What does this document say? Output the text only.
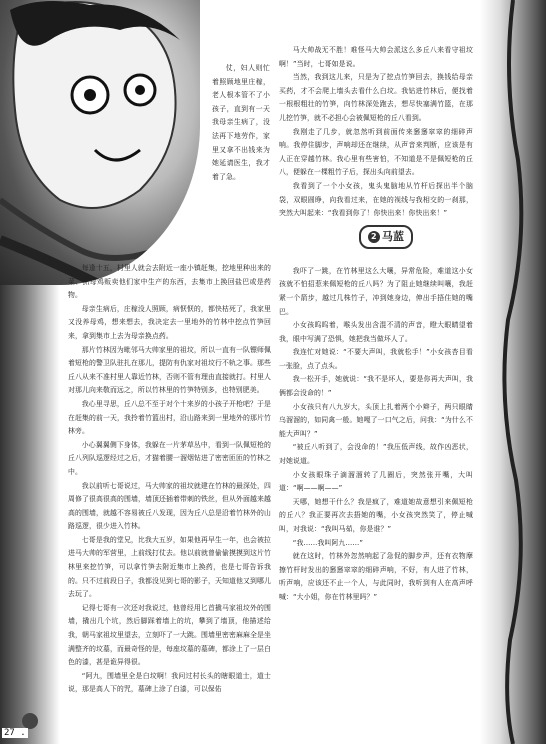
仗，妇人则忙着照顾地里庄稼，老人根本管不了小孩子，直到有一天我母亲生病了，没法再下地劳作，家里又拿不出钱来为她延请医生，我才着了急。

每逢十五，村里人就会去附近一座小镇赶集，挖地里种出来的菜、抓母鸡贩卖他们家中生产的东西，去集市上换回盐巴或是药物。

母亲生病后，庄稼没人照顾，病恹恹的，都快枯死了，我家里又没养母鸡，想来想去，我决定去一里地外的竹林中挖点竹笋回来，拿到集市上去为母亲换点药。

那片竹林因为毗邻马大帅家里的祖坟，所以一直有一队镖师佩着短枪的警卫队驻扎在那儿，提防有仇家对祖坟行不轨之事。那些丘八从来不准村里人靠近竹林，否则不管有理由直接就打。村里人对那儿向来敬而远之，所以竹林里的竹笋特别多，也特别肥美。

我心里寻思，丘八总不至于对个十来岁的小孩子开枪吧？于是在赶集的前一天，我拎着竹篮出村，沿山路来到一里地外的那片竹林旁。

小心翼翼侧下身体，我躲在一片茅草丛中，看到一队佩短枪的丘八列队巡逻经过之后，才猫着腰一溜烟钻进了密密匝匝的竹林之中。

我以前听七哥说过，马大帅家的祖坟就建在竹林的最深处，四周修了很高很高的围墙，墙顶还插着带刺的铁丝，但从外面越来越高的围墙，就越不容易被丘八发现，因为丘八总是沿着竹林外的山路巡逻，很少进入竹林。

七哥是我的堂兄，比我大五岁，如果他再早生一年，也会被拉进马大帅的军营里，上前线打仗去。他以前就曾偷偷摸摸到这片竹林里来挖竹笋，可以拿竹笋去附近集市上换药，也是七哥告诉我的。只不过前段日子，我都没见到七哥的影子，天知道他又到哪儿去玩了。

记得七哥有一次还对我说过，他曾经用匕首撬马家祖坟外的围墙，撬出几个坑，然后脚踩着墙上的坑，攀到了墙顶，他描述给我，朝马家祖坟里望去，立刻吓了一大跳。围墙里密密麻麻全是坐满整齐的坟墓，而最奇怪的是，每座坟墓的墓碑，都涂上了一层白色的漆，甚是诡异得很。

“阿九，围墙里全是白坟啊！我问过村长头的瞎眼道士，道士说，那是高人下的咒，墓碑上涂了白漆，可以保佑

马大帅战无不胜！难怪马大帅会派这么多丘八来看守祖坟啊！”当时，七哥如是说。

当然，我到这儿来，只是为了挖点竹笋回去，换钱给母亲买药，才不会爬上墙头去看什么白坟。我钻进竹林后，便找着一根根粗壮的竹笋，向竹林深处跑去，想尽快塞满竹篮，在那儿挖竹笋，就不必担心会被佩短枪的丘八看到。

我刚走了几步，就忽然听到前面传来窸窸窣窣的细碎声响。我停住脚步，声响却还在继续，从声音来判断，应该是有人正在穿越竹林。我心里有些害怕，不知道是不是佩短枪的丘八，便躲在一棵粗竹子后，探出头向前望去。

我看到了一个小女孩，鬼头鬼脑地从竹杆后探出半个脑袋，双眼圆睁，向我看过来，在她的视线与我相交的一刹那，突然大叫起来：“我看到你了！你快出来！你快出来！”

2 马蓝

我吓了一跳，在竹林里这么大嚷，异常危险，难道这小女孩就不怕招惹来佩短枪的丘八吗？为了阻止她继续叫嚷，我赶紧一个箭步，越过几株竹子，冲到她身边，伸出手捂住她的嘴巴。

小女孩呜呜着，喉头发出含混不清的声音，瞪大眼睛望着我，眼中写满了恐惧，她把我当做坏人了。

我连忙对她说：“不要大声叫，我就松手！”小女孩杏目看一张脸，点了点头。

我一松开手，她就说：“我不是坏人，要是你再大声叫，我俩都会没命的！”

小女孩只有八九岁大，头顶上扎着两个小辫子，两只眼睛乌溜溜的，如同禽一般。她嘎了一口气之后，问我：“为什么不能大声叫？”

“被丘八听到了，会没命的！”我压低声线，故作凶恶状，对她说道。

小女孩眼珠子滴溜溜转了几圈后，突然张开嘴，大叫道：“啊——啊——”

天哪，她想干什么？我是疯了，难道她故意想引来佩短枪的丘八？我正要再次去捂她的嘴，小女孩突然笑了，停止喊叫，对我说：“我叫马茹，你是谁？”

“我……我叫阿九……”

就在这时，竹林外忽然响起了急促的脚步声，还有衣物摩擦竹杆时发出的窸窸窣窣的细碎声响，不好，有人进了竹林，听声响，应该还不止一个人，与此同时，我听到有人在高声呼喊：“大小姐，你在竹林里吗？”

27 .
